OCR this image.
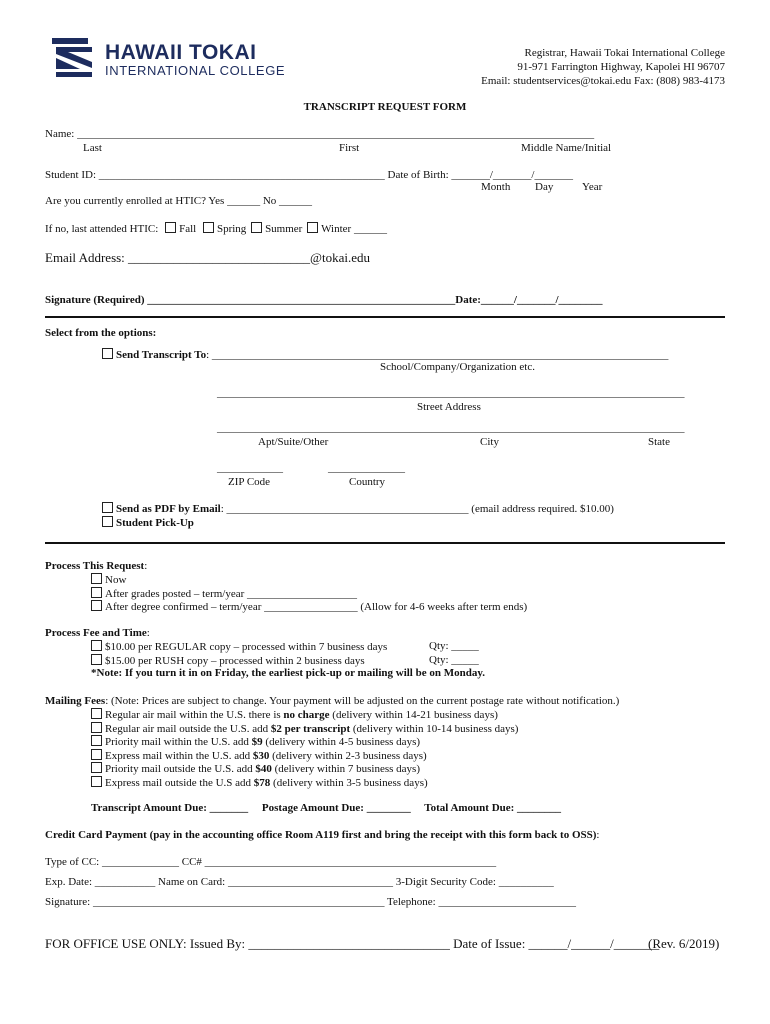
HAWAII TOKAI
INTERNATIONAL COLLEGE
Registrar, Hawaii Tokai International College
91-971 Farrington Highway, Kapolei HI 96707
Email: studentservices@tokai.edu Fax: (808) 983-4173
TRANSCRIPT REQUEST FORM
Name: ______________________________________________________________________________________________
Last	First	Middle Name/Initial
Student ID: ____________________________________________________ Date of Birth: _______/_______/_______
Month Day	Year
Are you currently enrolled at HTIC? Yes ______ No ______
If no, last attended HTIC: Fall Spring Summer Winter ______
Email Address: ____________________________@tokai.edu
Signature (Required) ________________________________________________________Date:______/_______/________
Select from the options:
Send Transcript To: ___________________________________________________________________________________
School/Company/Organization etc.
_____________________________________________________________________________________
Street Address
_____________________________________________________________________________________
Apt/Suite/Other	City	State
____________	______________
ZIP Code	Country
Send as PDF by Email: ____________________________________________ (email address required. $10.00)
Student Pick-Up
Process This Request:
Now
After grades posted – term/year ____________________
After degree confirmed – term/year _________________ (Allow for 4-6 weeks after term ends)
Process Fee and Time:
$10.00 per REGULAR copy – processed within 7 business days	Qty: _____
$15.00 per RUSH copy – processed within 2 business days	Qty: _____
*Note: If you turn it in on Friday, the earliest pick-up or mailing will be on Monday.
Mailing Fees: (Note: Prices are subject to change. Your payment will be adjusted on the current postage rate without notification.)
Regular air mail within the U.S. there is no charge (delivery within 14-21 business days)
Regular air mail outside the U.S. add $2 per transcript (delivery within 10-14 business days)
Priority mail within the U.S. add $9 (delivery within 4-5 business days)
Express mail within the U.S. add $30 (delivery within 2-3 business days)
Priority mail outside the U.S. add $40 (delivery within 7 business days)
Express mail outside the U.S add $78 (delivery within 3-5 business days)
Transcript Amount Due: _______     Postage Amount Due: ________     Total Amount Due: ________
Credit Card Payment (pay in the accounting office Room A119 first and bring the receipt with this form back to OSS):
Type of CC: ______________ CC# _____________________________________________________
Exp. Date: ___________ Name on Card: ______________________________ 3-Digit Security Code: __________
Signature: _____________________________________________________ Telephone: _________________________
FOR OFFICE USE ONLY: Issued By: _______________________________ Date of Issue: ______/______/_______
(Rev. 6/2019)
